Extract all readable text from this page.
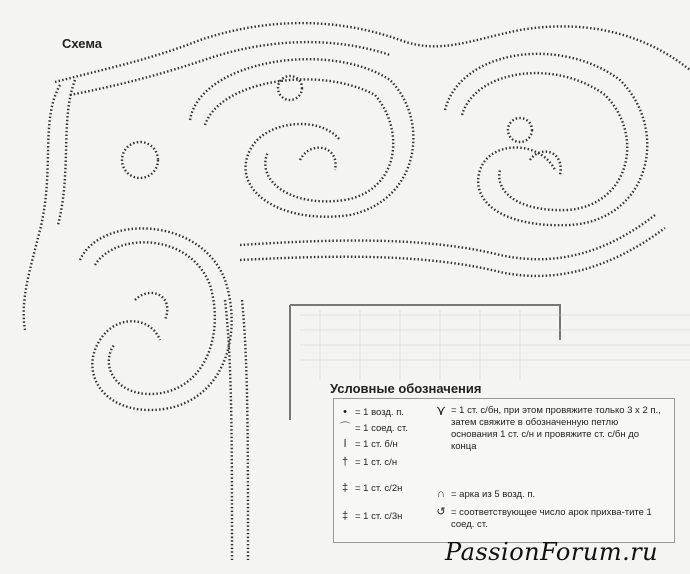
Схема
Условные обозначения
• = 1 возд. п.
⌒ = 1 соед. ст.
ǀ = 1 ст. б/н
† = 1 ст. с/н
‡ = 1 ст. с/2н
‡ = 1 ст. с/3н
⋎ = 1 ст. с/бн, при этом провяжите только 3 х 2 п., затем свяжите в обозначенную петлю основания 1 ст. с/н и провяжите ст. с/бн до конца
∩ = арка из 5 возд. п.
↺ = соответствующее число арок прихва-тите 1 соед. ст.
PassionForum.ru
